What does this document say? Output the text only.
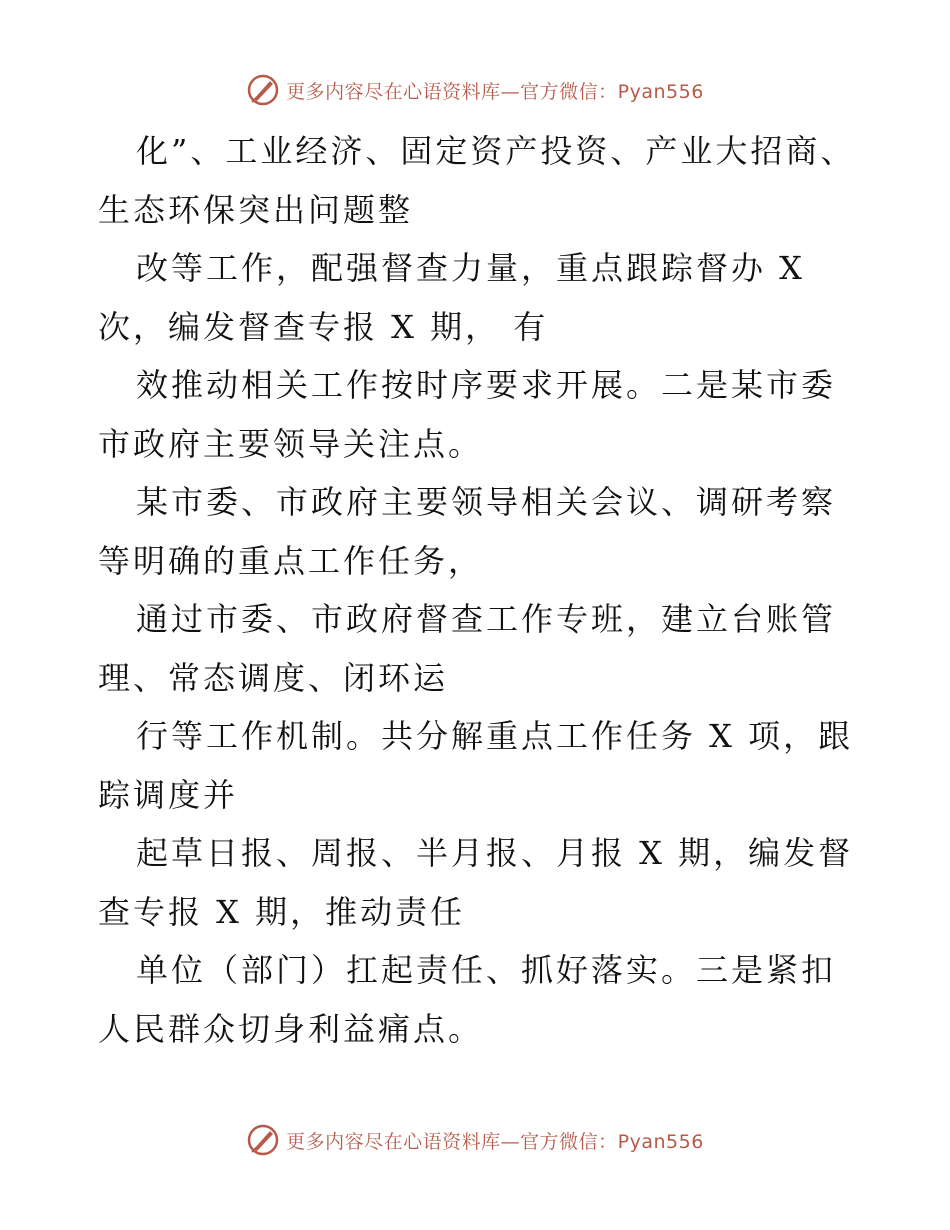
更多内容尽在心语资料库—官方微信：Pyan556

化”、工业经济、固定资产投资、产业大招商、生态环保突出问题整

改等工作，配强督查力量，重点跟踪督办 X 次，编发督查专报 X 期， 有

效推动相关工作按时序要求开展。二是某市委市政府主要领导关注点。

某市委、市政府主要领导相关会议、调研考察等明确的重点工作任务，

通过市委、市政府督查工作专班，建立台账管理、常态调度、闭环运

行等工作机制。共分解重点工作任务 X 项，跟踪调度并

起草日报、周报、半月报、月报 X 期，编发督查专报 X 期，推动责任

单位（部门）扛起责任、抓好落实。三是紧扣人民群众切身利益痛点。

更多内容尽在心语资料库—官方微信：Pyan556
